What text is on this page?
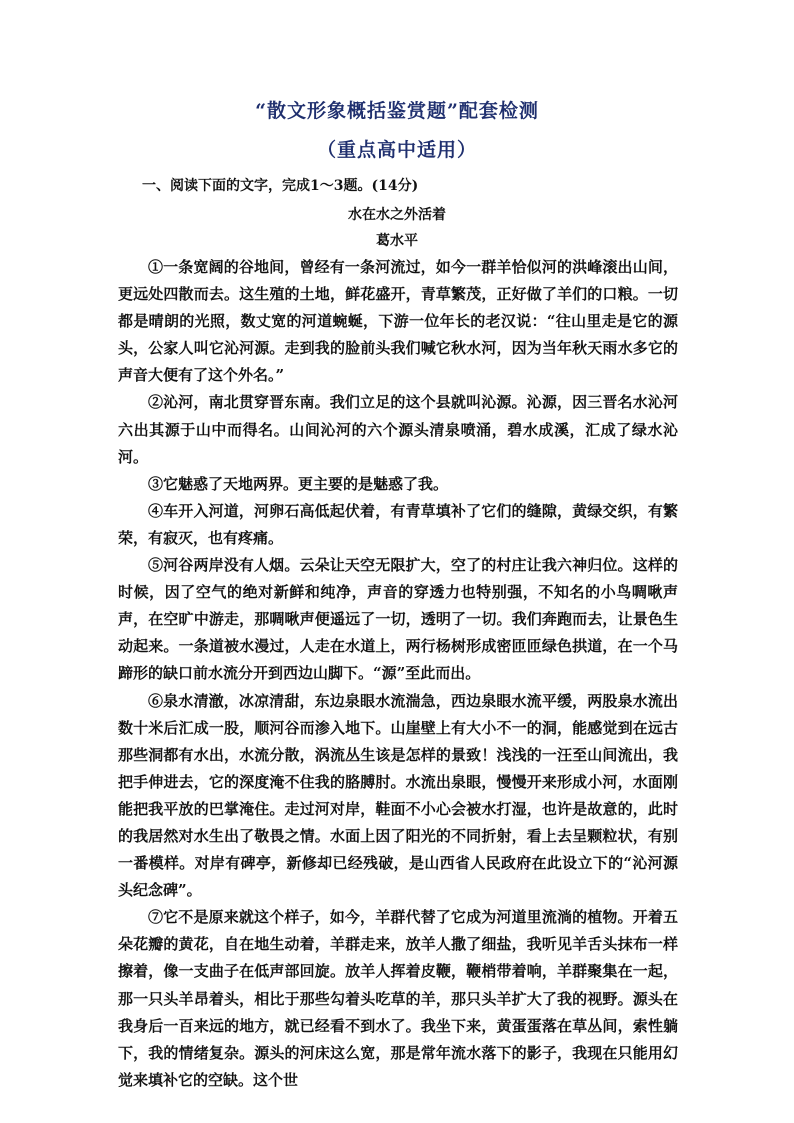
“散文形象概括鉴赏题”配套检测
（重点高中适用）
一、阅读下面的文字，完成1～3题。(14分)
水在水之外活着
葛水平

①一条宽阔的谷地间，曾经有一条河流过，如今一群羊恰似河的洪峰滚出山间，更远处四散而去。这生殖的土地，鲜花盛开，青草繁茂，正好做了羊们的口粮。一切都是晴朗的光照，数丈宽的河道蜿蜒，下游一位年长的老汉说：“往山里走是它的源头，公家人叫它沁河源。走到我的脸前头我们喊它秋水河，因为当年秋天雨水多它的声音大便有了这个外名。”

②沁河，南北贯穿晋东南。我们立足的这个县就叫沁源。沁源，因三晋名水沁河六出其源于山中而得名。山间沁河的六个源头清泉喷涌，碧水成溪，汇成了绿水沁河。

③它魅惑了天地两界。更主要的是魅惑了我。

④车开入河道，河卵石高低起伏着，有青草填补了它们的缝隙，黄绿交织，有繁荣，有寂灭，也有疼痛。

⑤河谷两岸没有人烟。云朵让天空无限扩大，空了的村庄让我六神归位。这样的时候，因了空气的绝对新鲜和纯净，声音的穿透力也特别强，不知名的小鸟啁啾声声，在空旷中游走，那啁啾声便遥远了一切，透明了一切。我们奔跑而去，让景色生动起来。一条道被水漫过，人走在水道上，两行杨树形成密匝匝绿色拱道，在一个马蹄形的缺口前水流分开到西边山脚下。“源”至此而出。

⑥泉水清澈，冰凉清甜，东边泉眼水流湍急，西边泉眼水流平缓，两股泉水流出数十米后汇成一股，顺河谷而渗入地下。山崖壁上有大小不一的洞，能感觉到在远古那些洞都有水出，水流分散，涡流丛生该是怎样的景致！浅浅的一汪至山间流出，我把手伸进去，它的深度淹不住我的胳膊肘。水流出泉眼，慢慢开来形成小河，水面刚能把我平放的巴掌淹住。走过河对岸，鞋面不小心会被水打湿，也许是故意的，此时的我居然对水生出了敬畏之情。水面上因了阳光的不同折射，看上去呈颗粒状，有别一番模样。对岸有碑亭，新修却已经残破，是山西省人民政府在此设立下的“沁河源头纪念碑”。

⑦它不是原来就这个样子，如今，羊群代替了它成为河道里流淌的植物。开着五朵花瓣的黄花，自在地生动着，羊群走来，放羊人撒了细盐，我听见羊舌头抹布一样擦着，像一支曲子在低声部回旋。放羊人挥着皮鞭，鞭梢带着响，羊群聚集在一起，那一只头羊昂着头，相比于那些勾着头吃草的羊，那只头羊扩大了我的视野。源头在我身后一百来远的地方，就已经看不到水了。我坐下来，黄蛋蛋落在草丛间，索性躺下，我的情绪复杂。源头的河床这么宽，那是常年流水落下的影子，我现在只能用幻觉来填补它的空缺。这个世
